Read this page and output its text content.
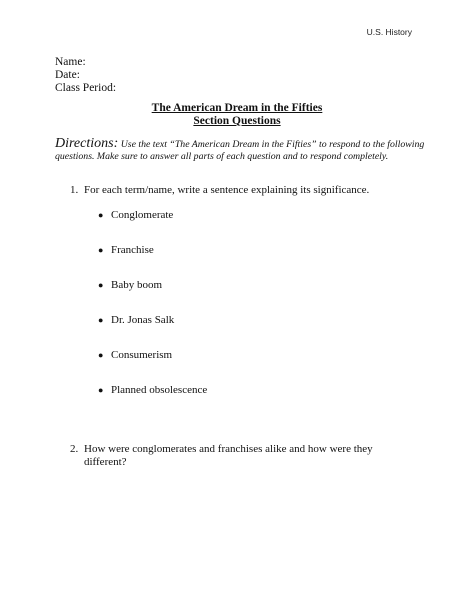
U.S. History
Name:
Date:
Class Period:
The American Dream in the Fifties
Section Questions
Directions: Use the text “The American Dream in the Fifties” to respond to the following questions. Make sure to answer all parts of each question and to respond completely.
1. For each term/name, write a sentence explaining its significance.
● Conglomerate
● Franchise
● Baby boom
● Dr. Jonas Salk
● Consumerism
● Planned obsolescence
2. How were conglomerates and franchises alike and how were they different?
